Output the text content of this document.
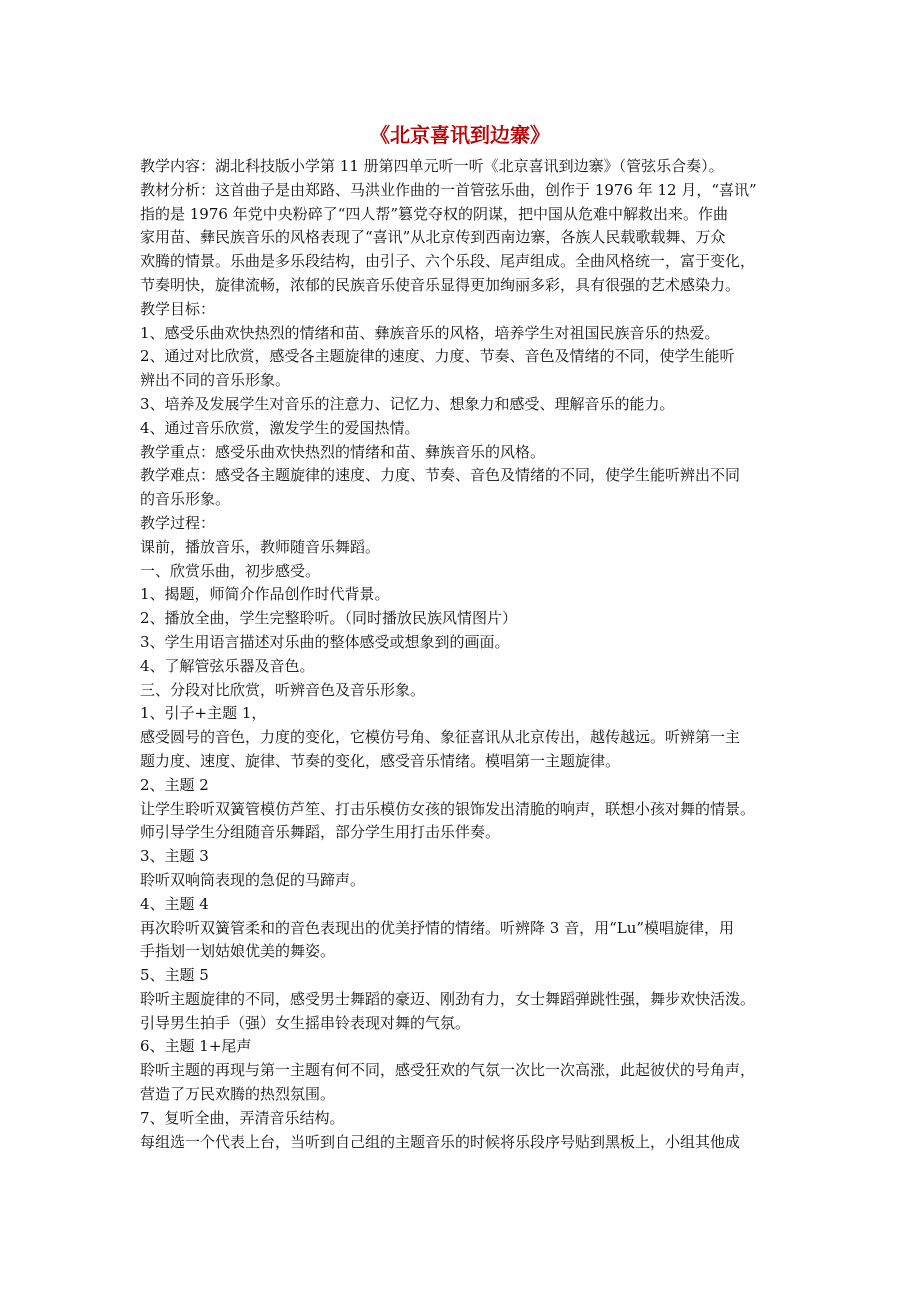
《北京喜讯到边寨》

教学内容：湖北科技版小学第 11 册第四单元听一听《北京喜讯到边寨》（管弦乐合奏）。

教材分析：这首曲子是由郑路、马洪业作曲的一首管弦乐曲，创作于 1976 年 12 月，“喜讯”

指的是 1976 年党中央粉碎了“四人帮”篡党夺权的阴谋，把中国从危难中解救出来。作曲

家用苗、彝民族音乐的风格表现了“喜讯”从北京传到西南边寨，各族人民载歌载舞、万众

欢腾的情景。乐曲是多乐段结构，由引子、六个乐段、尾声组成。全曲风格统一，富于变化，

节奏明快，旋律流畅，浓郁的民族音乐使音乐显得更加绚丽多彩，具有很强的艺术感染力。

教学目标：

1、感受乐曲欢快热烈的情绪和苗、彝族音乐的风格，培养学生对祖国民族音乐的热爱。

2、通过对比欣赏，感受各主题旋律的速度、力度、节奏、音色及情绪的不同，使学生能听

辨出不同的音乐形象。

3、培养及发展学生对音乐的注意力、记忆力、想象力和感受、理解音乐的能力。

4、通过音乐欣赏，激发学生的爱国热情。

教学重点：感受乐曲欢快热烈的情绪和苗、彝族音乐的风格。

教学难点：感受各主题旋律的速度、力度、节奏、音色及情绪的不同，使学生能听辨出不同

的音乐形象。

教学过程：

课前，播放音乐，教师随音乐舞蹈。

一、欣赏乐曲，初步感受。

1、揭题，师简介作品创作时代背景。

2、播放全曲，学生完整聆听。（同时播放民族风情图片）

3、学生用语言描述对乐曲的整体感受或想象到的画面。

4、了解管弦乐器及音色。

三、分段对比欣赏，听辨音色及音乐形象。

1、引子+主题 1，

感受圆号的音色，力度的变化，它模仿号角、象征喜讯从北京传出，越传越远。听辨第一主

题力度、速度、旋律、节奏的变化，感受音乐情绪。模唱第一主题旋律。

2、主题 2

让学生聆听双簧管模仿芦笙、打击乐模仿女孩的银饰发出清脆的响声，联想小孩对舞的情景。

师引导学生分组随音乐舞蹈，部分学生用打击乐伴奏。

3、主题 3

聆听双响筒表现的急促的马蹄声。

4、主题 4

再次聆听双簧管柔和的音色表现出的优美抒情的情绪。听辨降 3 音，用“Lu”模唱旋律，用

手指划一划姑娘优美的舞姿。

5、主题 5

聆听主题旋律的不同，感受男士舞蹈的豪迈、刚劲有力，女士舞蹈弹跳性强，舞步欢快活泼。

引导男生拍手（强）女生摇串铃表现对舞的气氛。

6、主题 1+尾声

聆听主题的再现与第一主题有何不同，感受狂欢的气氛一次比一次高涨，此起彼伏的号角声，

营造了万民欢腾的热烈氛围。

7、复听全曲，弄清音乐结构。

每组选一个代表上台，当听到自己组的主题音乐的时候将乐段序号贴到黑板上，小组其他成
